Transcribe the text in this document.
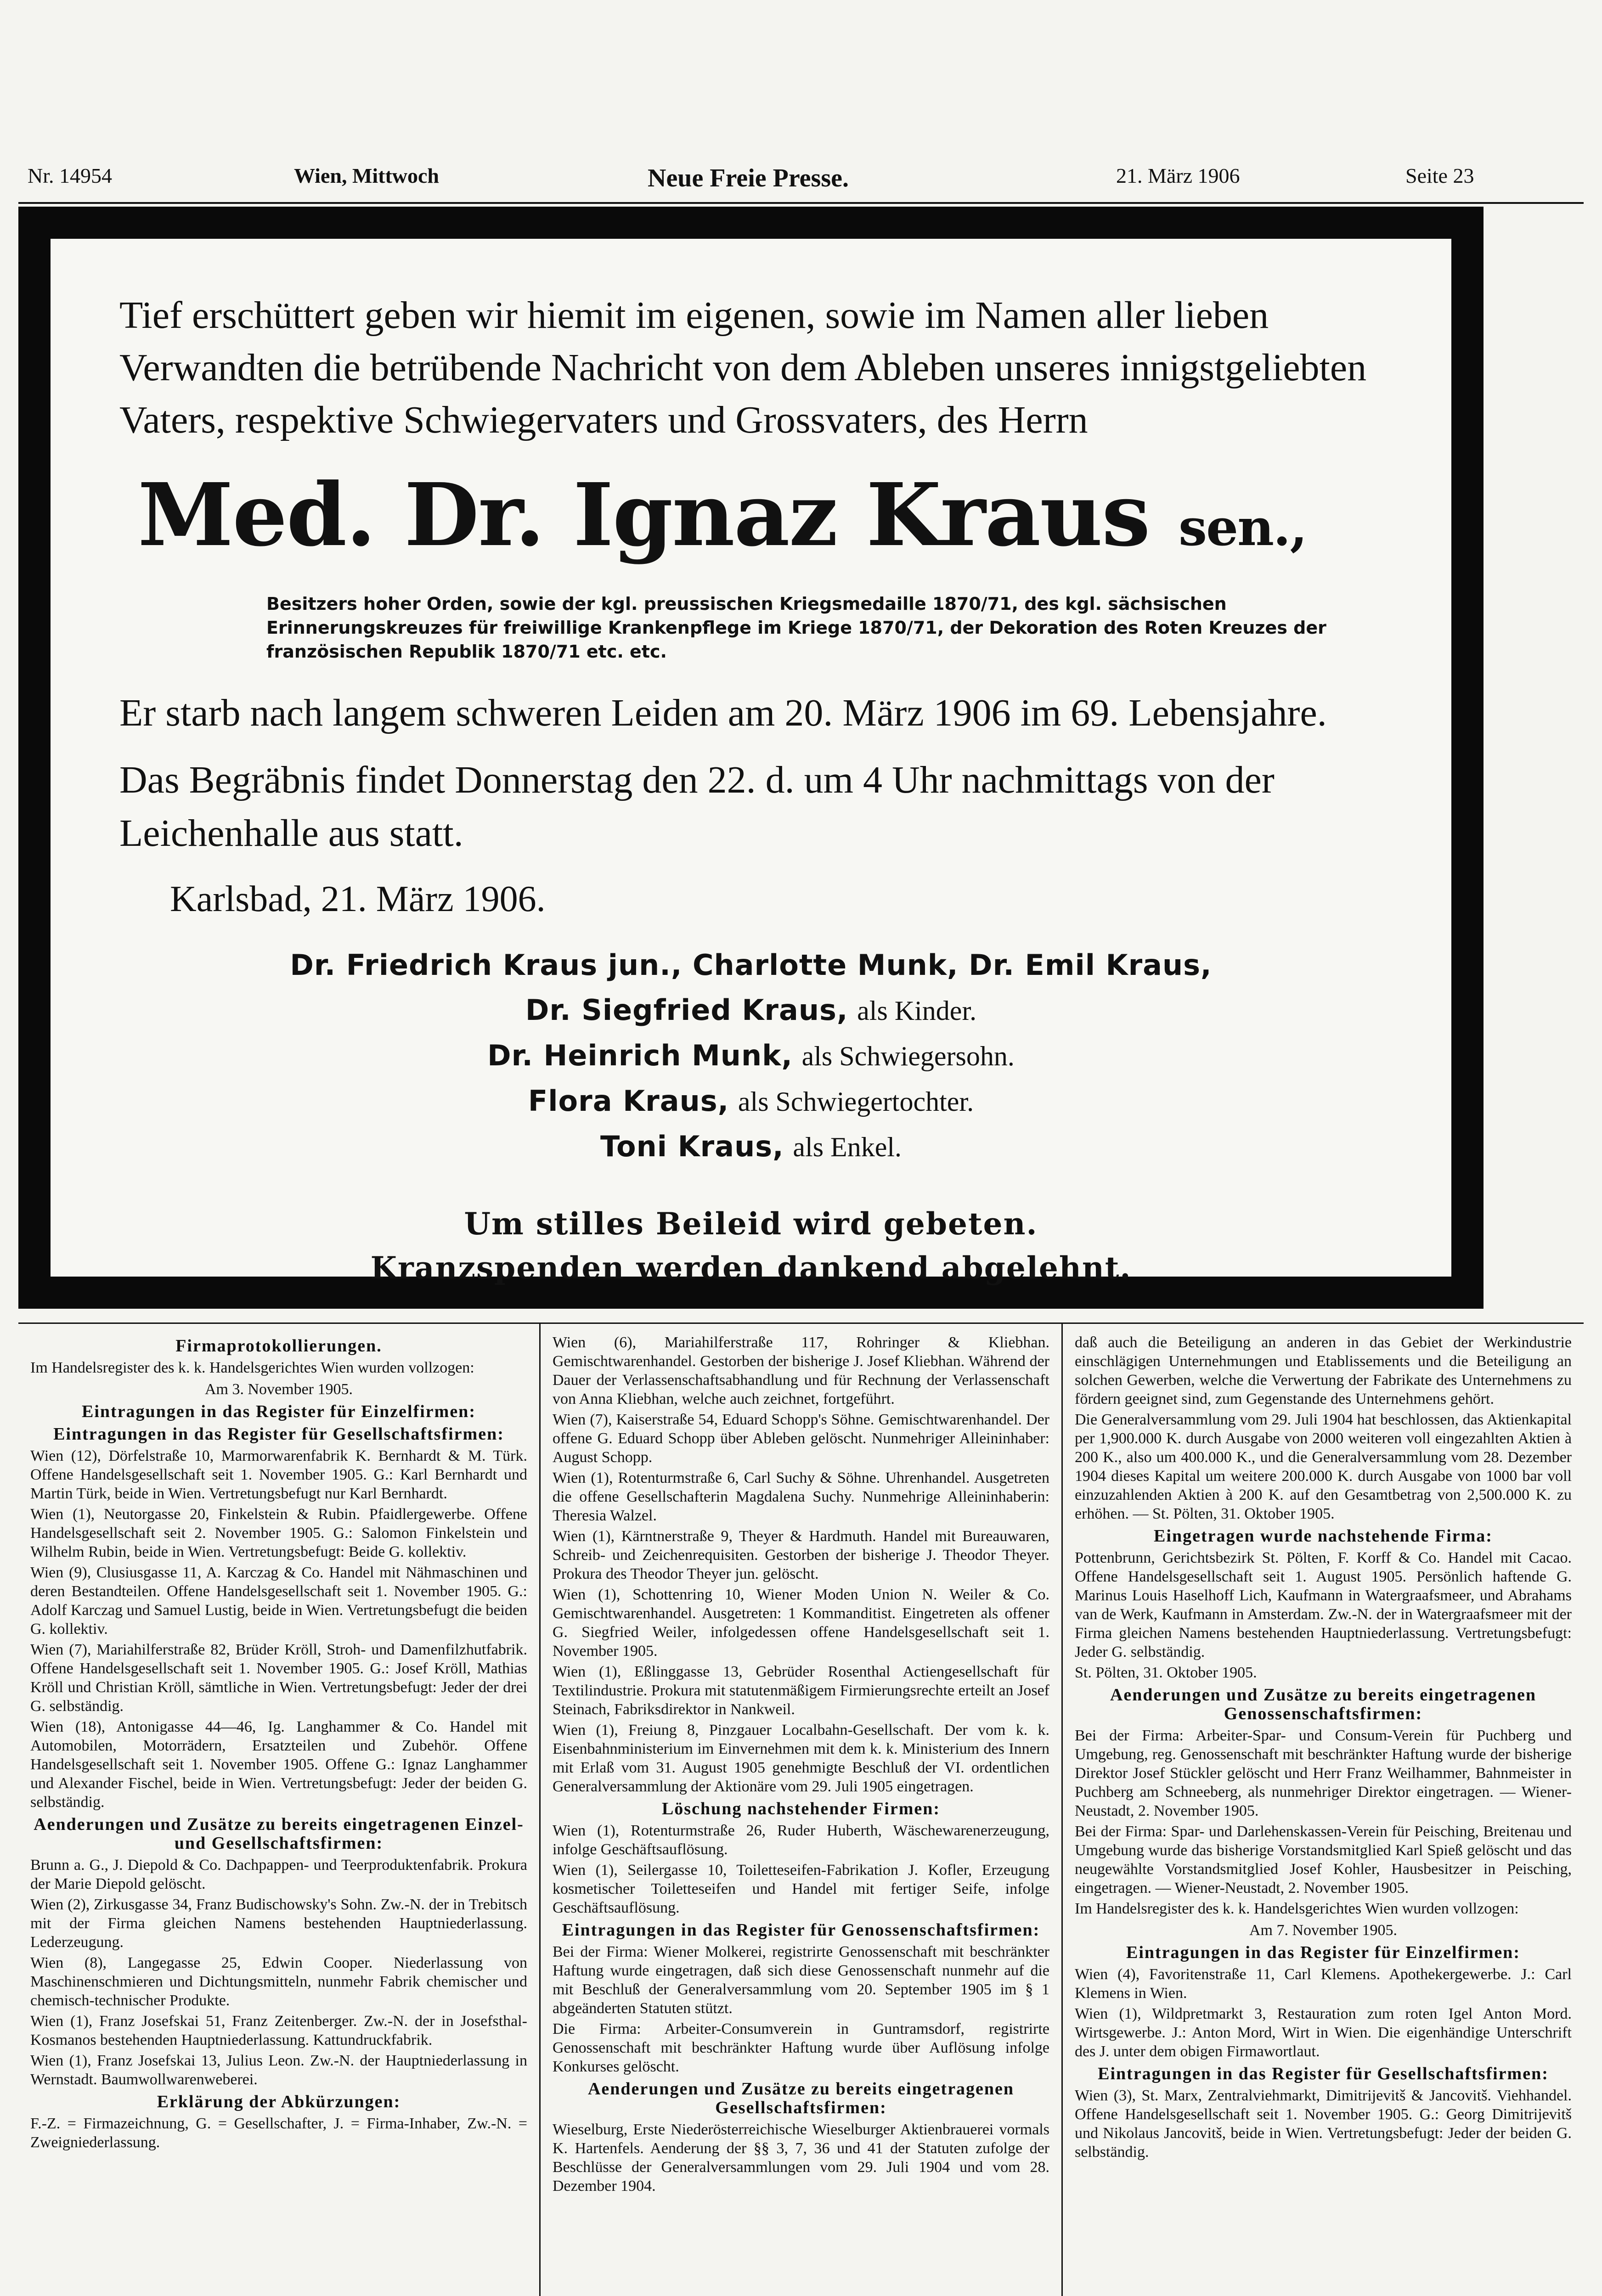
Nr. 14954	Wien, Mittwoch	Neue Freie Presse.	21. März 1906	Seite 23

Tief erschüttert geben wir hiemit im eigenen, sowie im Namen aller lieben Verwandten die betrübende Nachricht von dem Ableben unseres innigstgeliebten Vaters, respektive Schwiegervaters und Grossvaters, des Herrn

Med. Dr. Ignaz Kraus sen.,

Besitzers hoher Orden, sowie der kgl. preussischen Kriegsmedaille 1870/71, des kgl. sächsischen Erinnerungskreuzes für freiwillige Krankenpflege im Kriege 1870/71, der Dekoration des Roten Kreuzes der französischen Republik 1870/71 etc. etc.

Er starb nach langem schweren Leiden am 20. März 1906 im 69. Lebensjahre.

Das Begräbnis findet Donnerstag den 22. d. um 4 Uhr nachmittags von der Leichenhalle aus statt.

Karlsbad, 21. März 1906.

Dr. Friedrich Kraus jun., Charlotte Munk, Dr. Emil Kraus,
Dr. Siegfried Kraus, als Kinder.
Dr. Heinrich Munk, als Schwiegersohn.
Flora Kraus, als Schwiegertochter.
Toni Kraus, als Enkel.

Um stilles Beileid wird gebeten.

Kranzspenden werden dankend abgelehnt.

Firmaprotokollierungen.

Im Handelsregister des k. k. Handelsgerichtes Wien wurden vollzogen:

Am 3. November 1905.

Eintragungen in das Register für Einzelfirmen:

Eintragungen in das Register für Gesellschaftsfirmen:

Wien (12), Dörfelstraße 10, Marmorwarenfabrik K. Bernhardt & M. Türk. Offene Handelsgesellschaft seit 1. November 1905. G.: Karl Bernhardt und Martin Türk, beide in Wien. Vertretungsbefugt nur Karl Bernhardt.

Wien (1), Neutorgasse 20, Finkelstein & Rubin. Pfaidlergewerbe. Offene Handelsgesellschaft seit 2. November 1905. G.: Salomon Finkelstein und Wilhelm Rubin, beide in Wien. Vertretungsbefugt: Beide G. kollektiv.

Wien (9), Clusiusgasse 11, A. Karczag & Co. Handel mit Nähmaschinen und deren Bestandteilen. Offene Handelsgesellschaft seit 1. November 1905. G.: Adolf Karczag und Samuel Lustig, beide in Wien. Vertretungsbefugt die beiden G. kollektiv.

Wien (7), Mariahilferstraße 82, Brüder Kröll, Stroh- und Damenfilzhutfabrik. Offene Handelsgesellschaft seit 1. November 1905. G.: Josef Kröll, Mathias Kröll und Christian Kröll, sämtliche in Wien. Vertretungsbefugt: Jeder der drei G. selbständig.

Wien (18), Antonigasse 44—46, Ig. Langhammer & Co. Handel mit Automobilen, Motorrädern, Ersatzteilen und Zubehör. Offene Handelsgesellschaft seit 1. November 1905. Offene G.: Ignaz Langhammer und Alexander Fischel, beide in Wien. Vertretungsbefugt: Jeder der beiden G. selbständig.

Aenderungen und Zusätze zu bereits eingetragenen Einzel- und Gesellschaftsfirmen:

Brunn a. G., J. Diepold & Co. Dachpappen- und Teerproduktenfabrik. Prokura der Marie Diepold gelöscht.

Wien (2), Zirkusgasse 34, Franz Budischowsky's Sohn. Zw.-N. der in Trebitsch mit der Firma gleichen Namens bestehenden Hauptniederlassung. Lederzeugung.

Wien (8), Langegasse 25, Edwin Cooper. Niederlassung von Maschinenschmieren und Dichtungsmitteln, nunmehr Fabrik chemischer und chemisch-technischer Produkte.

Wien (1), Franz Josefskai 51, Franz Zeitenberger. Zw.-N. der in Josefsthal-Kosmanos bestehenden Hauptniederlassung. Kattundruckfabrik.

Wien (1), Franz Josefskai 13, Julius Leon. Zw.-N. der Hauptniederlassung in Wernstadt. Baumwollwarenweberei.

Erklärung der Abkürzungen:

F.-Z. = Firmazeichnung, G. = Gesellschafter, J. = Firma-Inhaber, Zw.-N. = Zweigniederlassung.

Wien (6), Mariahilferstraße 117, Rohringer & Kliebhan. Gemischtwarenhandel. Gestorben der bisherige J. Josef Kliebhan. Während der Dauer der Verlassenschaftsabhandlung und für Rechnung der Verlassenschaft von Anna Kliebhan, welche auch zeichnet, fortgeführt.

Wien (7), Kaiserstraße 54, Eduard Schopp's Söhne. Gemischtwarenhandel. Der offene G. Eduard Schopp über Ableben gelöscht. Nunmehriger Alleininhaber: August Schopp.

Wien (1), Rotenturmstraße 6, Carl Suchy & Söhne. Uhrenhandel. Ausgetreten die offene Gesellschafterin Magdalena Suchy. Nunmehrige Alleininhaberin: Theresia Walzel.

Wien (1), Kärntnerstraße 9, Theyer & Hardmuth. Handel mit Bureauwaren, Schreib- und Zeichenrequisiten. Gestorben der bisherige J. Theodor Theyer. Prokura des Theodor Theyer jun. gelöscht.

Wien (1), Schottenring 10, Wiener Moden Union N. Weiler & Co. Gemischtwarenhandel. Ausgetreten: 1 Kommanditist. Eingetreten als offener G. Siegfried Weiler, infolgedessen offene Handelsgesellschaft seit 1. November 1905.

Wien (1), Eßlinggasse 13, Gebrüder Rosenthal Actiengesellschaft für Textilindustrie. Prokura mit statutenmäßigem Firmierungsrechte erteilt an Josef Steinach, Fabriksdirektor in Nankweil.

Wien (1), Freiung 8, Pinzgauer Localbahn-Gesellschaft. Der vom k. k. Eisenbahnministerium im Einvernehmen mit dem k. k. Ministerium des Innern mit Erlaß vom 31. August 1905 genehmigte Beschluß der VI. ordentlichen Generalversammlung der Aktionäre vom 29. Juli 1905 eingetragen.

Löschung nachstehender Firmen:

Wien (1), Rotenturmstraße 26, Ruder Huberth, Wäschewarenerzeugung, infolge Geschäftsauflösung.

Wien (1), Seilergasse 10, Toiletteseifen-Fabrikation J. Kofler, Erzeugung kosmetischer Toiletteseifen und Handel mit fertiger Seife, infolge Geschäftsauflösung.

Eintragungen in das Register für Genossenschaftsfirmen:

Bei der Firma: Wiener Molkerei, registrirte Genossenschaft mit beschränkter Haftung wurde eingetragen, daß sich diese Genossenschaft nunmehr auf die mit Beschluß der Generalversammlung vom 20. September 1905 im § 1 abgeänderten Statuten stützt.

Die Firma: Arbeiter-Consumverein in Guntramsdorf, registrirte Genossenschaft mit beschränkter Haftung wurde über Auflösung infolge Konkurses gelöscht.

Aenderungen und Zusätze zu bereits eingetragenen Gesellschaftsfirmen:

Wieselburg, Erste Niederösterreichische Wieselburger Aktienbrauerei vormals K. Hartenfels. Aenderung der §§ 3, 7, 36 und 41 der Statuten zufolge der Beschlüsse der Generalversammlungen vom 29. Juli 1904 und vom 28. Dezember 1904.

daß auch die Beteiligung an anderen in das Gebiet der Werkindustrie einschlägigen Unternehmungen und Etablissements und die Beteiligung an solchen Gewerben, welche die Verwertung der Fabrikate des Unternehmens zu fördern geeignet sind, zum Gegenstande des Unternehmens gehört.

Die Generalversammlung vom 29. Juli 1904 hat beschlossen, das Aktienkapital per 1,900.000 K. durch Ausgabe von 2000 weiteren voll eingezahlten Aktien à 200 K., also um 400.000 K., und die Generalversammlung vom 28. Dezember 1904 dieses Kapital um weitere 200.000 K. durch Ausgabe von 1000 bar voll einzuzahlenden Aktien à 200 K. auf den Gesamtbetrag von 2,500.000 K. zu erhöhen. — St. Pölten, 31. Oktober 1905.

Eingetragen wurde nachstehende Firma:

Pottenbrunn, Gerichtsbezirk St. Pölten, F. Korff & Co. Handel mit Cacao. Offene Handelsgesellschaft seit 1. August 1905. Persönlich haftende G. Marinus Louis Haselhoff Lich, Kaufmann in Watergraafsmeer, und Abrahams van de Werk, Kaufmann in Amsterdam. Zw.-N. der in Watergraafsmeer mit der Firma gleichen Namens bestehenden Hauptniederlassung. Vertretungsbefugt: Jeder G. selbständig.

St. Pölten, 31. Oktober 1905.

Aenderungen und Zusätze zu bereits eingetragenen Genossenschaftsfirmen:

Bei der Firma: Arbeiter-Spar- und Consum-Verein für Puchberg und Umgebung, reg. Genossenschaft mit beschränkter Haftung wurde der bisherige Direktor Josef Stückler gelöscht und Herr Franz Weilhammer, Bahnmeister in Puchberg am Schneeberg, als nunmehriger Direktor eingetragen. — Wiener-Neustadt, 2. November 1905.

Bei der Firma: Spar- und Darlehenskassen-Verein für Peisching, Breitenau und Umgebung wurde das bisherige Vorstandsmitglied Karl Spieß gelöscht und das neugewählte Vorstandsmitglied Josef Kohler, Hausbesitzer in Peisching, eingetragen. — Wiener-Neustadt, 2. November 1905.

Im Handelsregister des k. k. Handelsgerichtes Wien wurden vollzogen:

Am 7. November 1905.

Eintragungen in das Register für Einzelfirmen:

Wien (4), Favoritenstraße 11, Carl Klemens. Apothekergewerbe. J.: Carl Klemens in Wien.

Wien (1), Wildpretmarkt 3, Restauration zum roten Igel Anton Mord. Wirtsgewerbe. J.: Anton Mord, Wirt in Wien. Die eigenhändige Unterschrift des J. unter dem obigen Firmawortlaut.

Eintragungen in das Register für Gesellschaftsfirmen:

Wien (3), St. Marx, Zentralviehmarkt, Dimitrijevitš & Jancovitš. Viehhandel. Offene Handelsgesellschaft seit 1. November 1905. G.: Georg Dimitrijevitš und Nikolaus Jancovitš, beide in Wien. Vertretungsbefugt: Jeder der beiden G. selbständig.
